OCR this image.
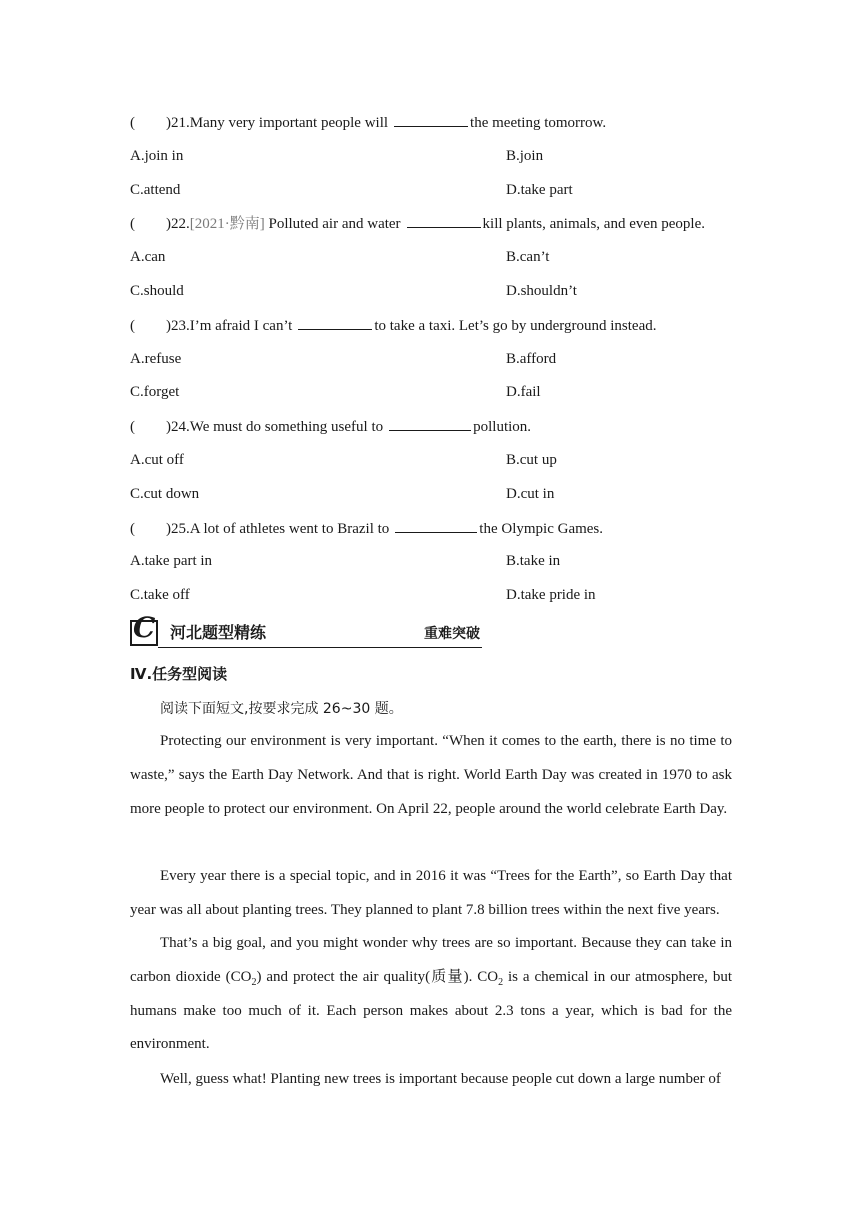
( )21.Many very important people will	the meeting tomorrow.
A.join in	B.join
C.attend	D.take part
( )22.[2021·黔南] Polluted air and water	kill plants, animals, and even people.
A.can	B.can’t
C.should	D.shouldn’t
( )23.I’m afraid I can’t	to take a taxi. Let’s go by underground instead.
A.refuse	B.afford
C.forget	D.fail
( )24.We must do something useful to	pollution.
A.cut off	B.cut up
C.cut down	D.cut in
( )25.A lot of athletes went to Brazil to	the Olympic Games.
A.take part in	B.take in
C.take off	D.take pride in
C 河北题型精练	重难突破
Ⅳ.任务型阅读

阅读下面短文,按要求完成 26~30 题。

Protecting our environment is very important. “When it comes to the earth, there is no time to waste,” says the Earth Day Network. And that is right. World Earth Day was created in 1970 to ask more people to protect our environment. On April 22, people around the world celebrate Earth Day.

Every year there is a special topic, and in 2016 it was “Trees for the Earth”, so Earth Day that year was all about planting trees. They planned to plant 7.8 billion trees within the next five years.

That’s a big goal, and you might wonder why trees are so important. Because they can take in carbon dioxide $(CO_2)$ and protect the air quality(质量). $CO_2$ is a chemical in our atmosphere, but humans make too much of it. Each person makes about 2.3 tons a year, which is bad for the environment.

Well, guess what! Planting new trees is important because people cut down a large number of
